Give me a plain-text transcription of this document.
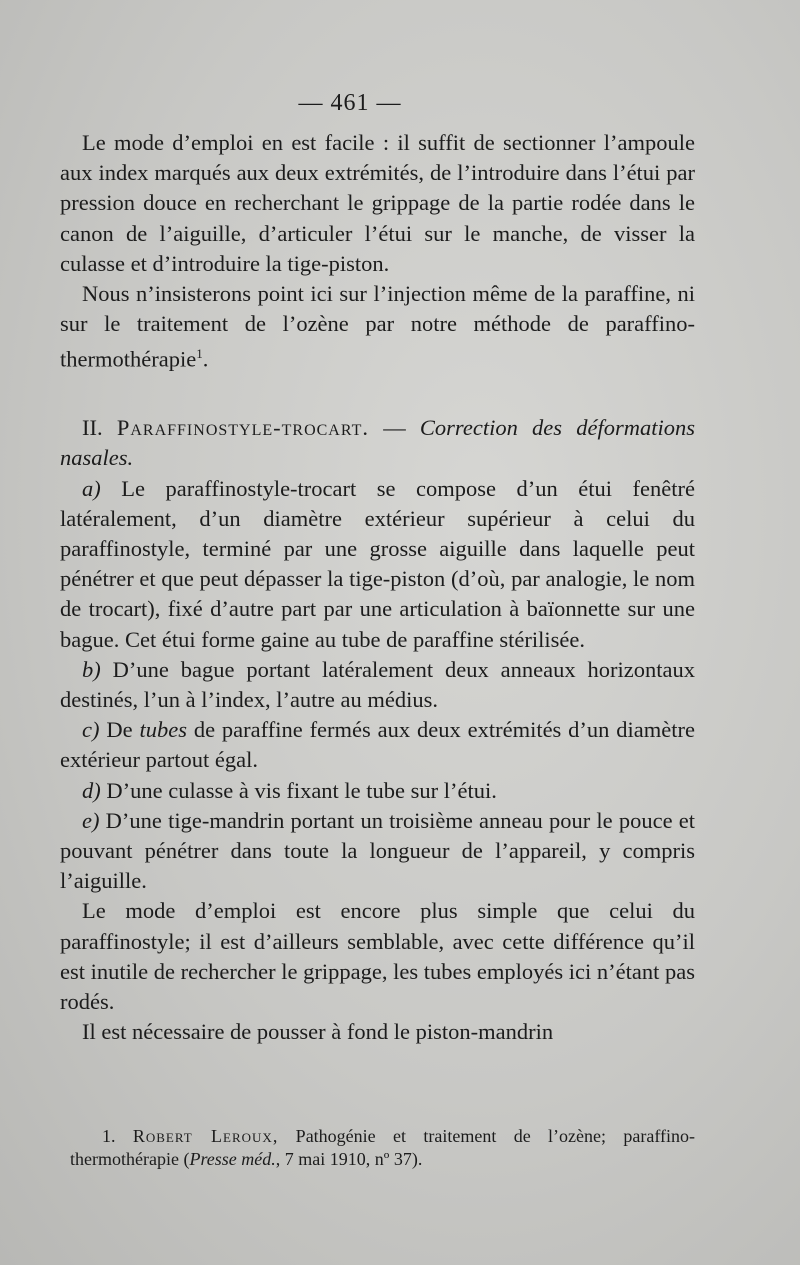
— 461 —

Le mode d’emploi en est facile : il suffit de sectionner l’ampoule aux index marqués aux deux extrémités, de l’introduire dans l’étui par pression douce en recherchant le grippage de la partie rodée dans le canon de l’aiguille, d’articuler l’étui sur le manche, de visser la culasse et d’introduire la tige-piston.

Nous n’insisterons point ici sur l’injection même de la paraffine, ni sur le traitement de l’ozène par notre méthode de paraffino-thermothérapie$^1$.

II. Paraffinostyle-trocart. — Correction des déformations nasales.

a) Le paraffinostyle-trocart se compose d’un étui fenêtré latéralement, d’un diamètre extérieur supérieur à celui du paraffinostyle, terminé par une grosse aiguille dans laquelle peut pénétrer et que peut dépasser la tige-piston (d’où, par analogie, le nom de trocart), fixé d’autre part par une articulation à baïonnette sur une bague. Cet étui forme gaine au tube de paraffine stérilisée.

b) D’une bague portant latéralement deux anneaux horizontaux destinés, l’un à l’index, l’autre au médius.

c) De tubes de paraffine fermés aux deux extrémités d’un diamètre extérieur partout égal.

d) D’une culasse à vis fixant le tube sur l’étui.

e) D’une tige-mandrin portant un troisième anneau pour le pouce et pouvant pénétrer dans toute la longueur de l’appareil, y compris l’aiguille.

Le mode d’emploi est encore plus simple que celui du paraffinostyle; il est d’ailleurs semblable, avec cette différence qu’il est inutile de rechercher le grippage, les tubes employés ici n’étant pas rodés.

Il est nécessaire de pousser à fond le piston-mandrin

1. Robert Leroux, Pathogénie et traitement de l’ozène; paraffino-thermothérapie (Presse méd., 7 mai 1910, nº 37).
